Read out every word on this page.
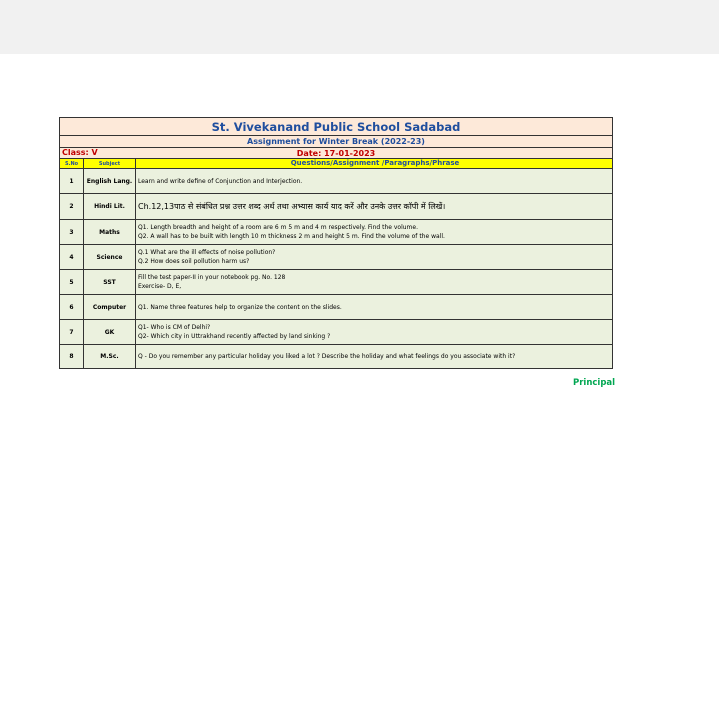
St. Vivekanand Public School Sadabad		
Assignment for Winter Break (2022-23)		

Class: V Date: 17-01-2023		

S.No	Subject	Questions/Assignment /Paragraphs/Phrase
1	English Lang.	Learn and write define of Conjunction and Interjection.

2	Hindi Lit.	Ch.12,13पाठ से संबंधित प्रश्न उत्तर शब्द अर्थ तथा अभ्यास कार्य याद करें और उनके उत्तर कॉपी में लिखें।

3	Maths	Q1. Length breadth and height of a room are 6 m 5 m and 4 m respectively. Find the volume.
Q2. A wall has to be built with length 10 m thickness 2 m and height 5 m. Find the volume of the wall.

4	Science	Q.1 What are the ill effects of noise pollution?
Q.2 How does soil pollution harm us?

5	SST	Fill the test paper-II in your notebook pg. No. 128
Exercise- D, E,

6	Computer	Q1. Name three features help to organize the content on the slides.

7	GK	Q1- Who is CM of Delhi?
Q2- Which city in Uttrakhand recently affected by land sinking ?

8	M.Sc.	Q - Do you remember any particular holiday you liked a lot ? Describe the holiday and what feelings do you associate with it?
Principal
